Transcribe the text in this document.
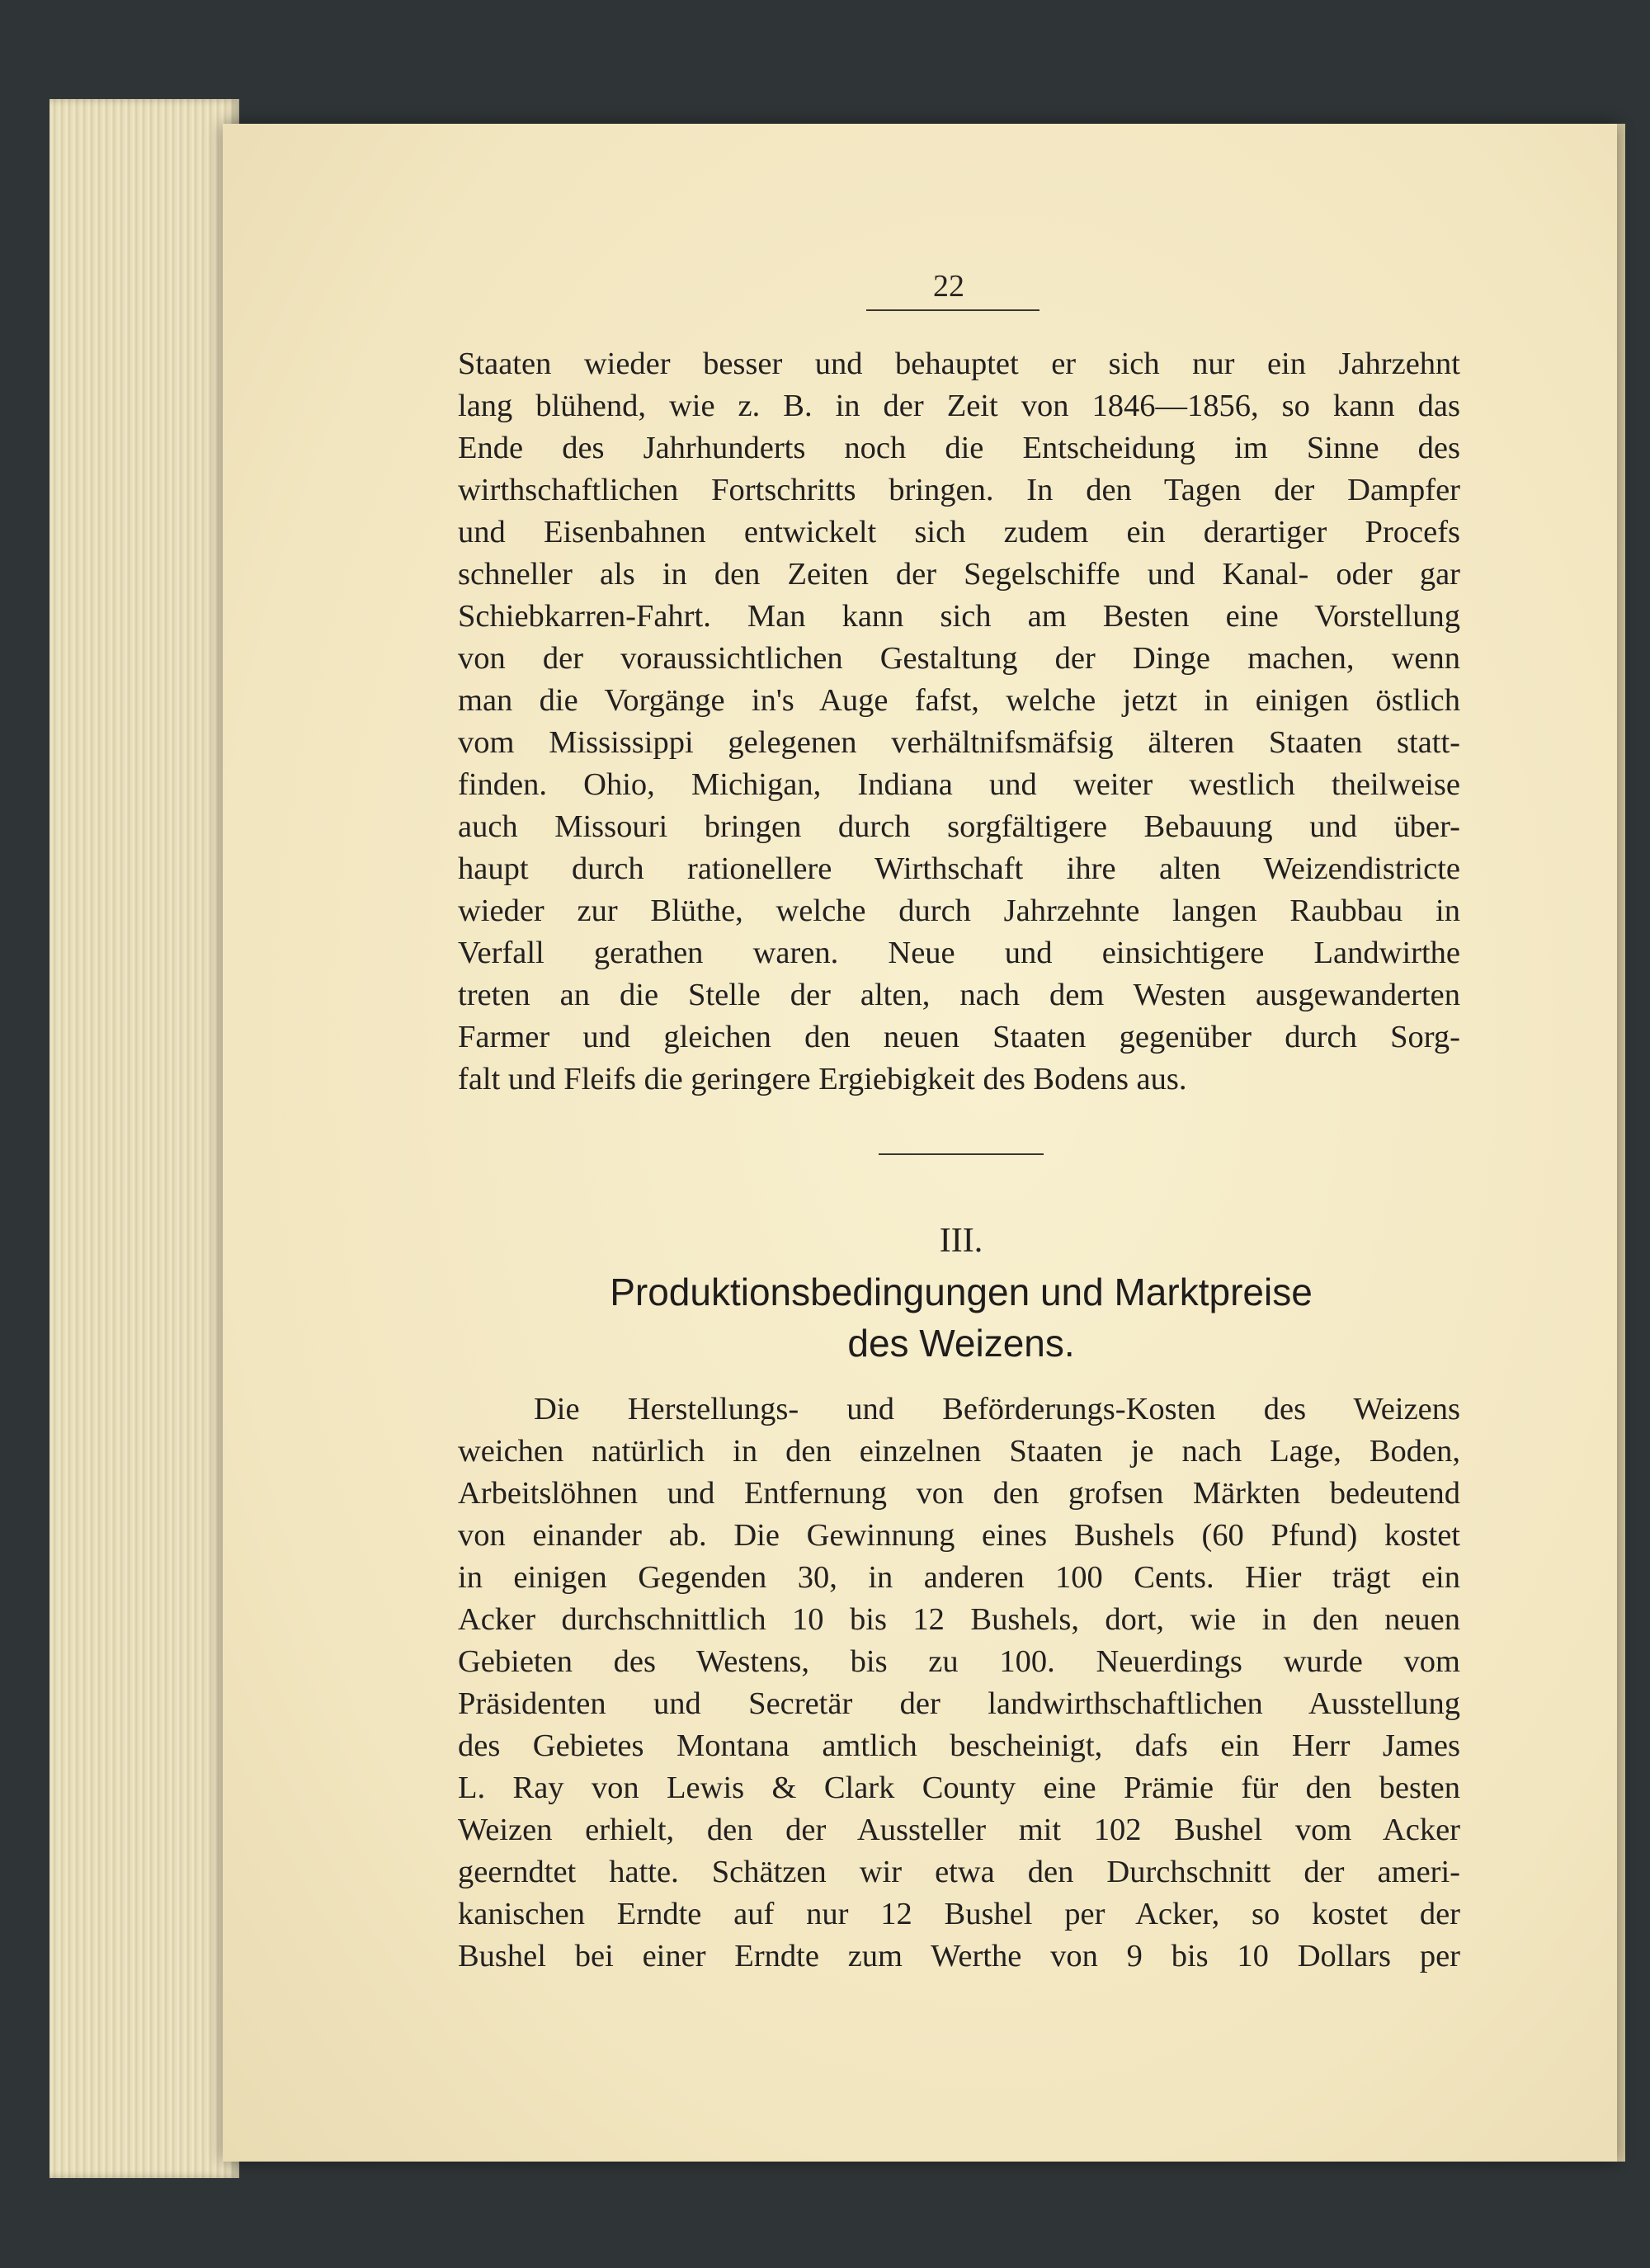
22
Staaten wieder besser und behauptet er sich nur ein Jahrzehnt
lang blühend, wie z. B. in der Zeit von 1846—1856, so kann das
Ende des Jahrhunderts noch die Entscheidung im Sinne des
wirthschaftlichen Fortschritts bringen. In den Tagen der Dampfer
und Eisenbahnen entwickelt sich zudem ein derartiger Procefs
schneller als in den Zeiten der Segelschiffe und Kanal- oder gar
Schiebkarren-Fahrt. Man kann sich am Besten eine Vorstellung
von der voraussichtlichen Gestaltung der Dinge machen, wenn
man die Vorgänge in's Auge fafst, welche jetzt in einigen östlich
vom Mississippi gelegenen verhältnifsmäfsig älteren Staaten statt-
finden. Ohio, Michigan, Indiana und weiter westlich theilweise
auch Missouri bringen durch sorgfältigere Bebauung und über-
haupt durch rationellere Wirthschaft ihre alten Weizendistricte
wieder zur Blüthe, welche durch Jahrzehnte langen Raubbau in
Verfall gerathen waren. Neue und einsichtigere Landwirthe
treten an die Stelle der alten, nach dem Westen ausgewanderten
Farmer und gleichen den neuen Staaten gegenüber durch Sorg-
falt und Fleifs die geringere Ergiebigkeit des Bodens aus.
III.
Produktionsbedingungen und Marktpreise
des Weizens.
Die Herstellungs- und Beförderungs-Kosten des Weizens
weichen natürlich in den einzelnen Staaten je nach Lage, Boden,
Arbeitslöhnen und Entfernung von den grofsen Märkten bedeutend
von einander ab. Die Gewinnung eines Bushels (60 Pfund) kostet
in einigen Gegenden 30, in anderen 100 Cents. Hier trägt ein
Acker durchschnittlich 10 bis 12 Bushels, dort, wie in den neuen
Gebieten des Westens, bis zu 100. Neuerdings wurde vom
Präsidenten und Secretär der landwirthschaftlichen Ausstellung
des Gebietes Montana amtlich bescheinigt, dafs ein Herr James
L. Ray von Lewis & Clark County eine Prämie für den besten
Weizen erhielt, den der Aussteller mit 102 Bushel vom Acker
geerndtet hatte. Schätzen wir etwa den Durchschnitt der ameri-
kanischen Erndte auf nur 12 Bushel per Acker, so kostet der
Bushel bei einer Erndte zum Werthe von 9 bis 10 Dollars per
